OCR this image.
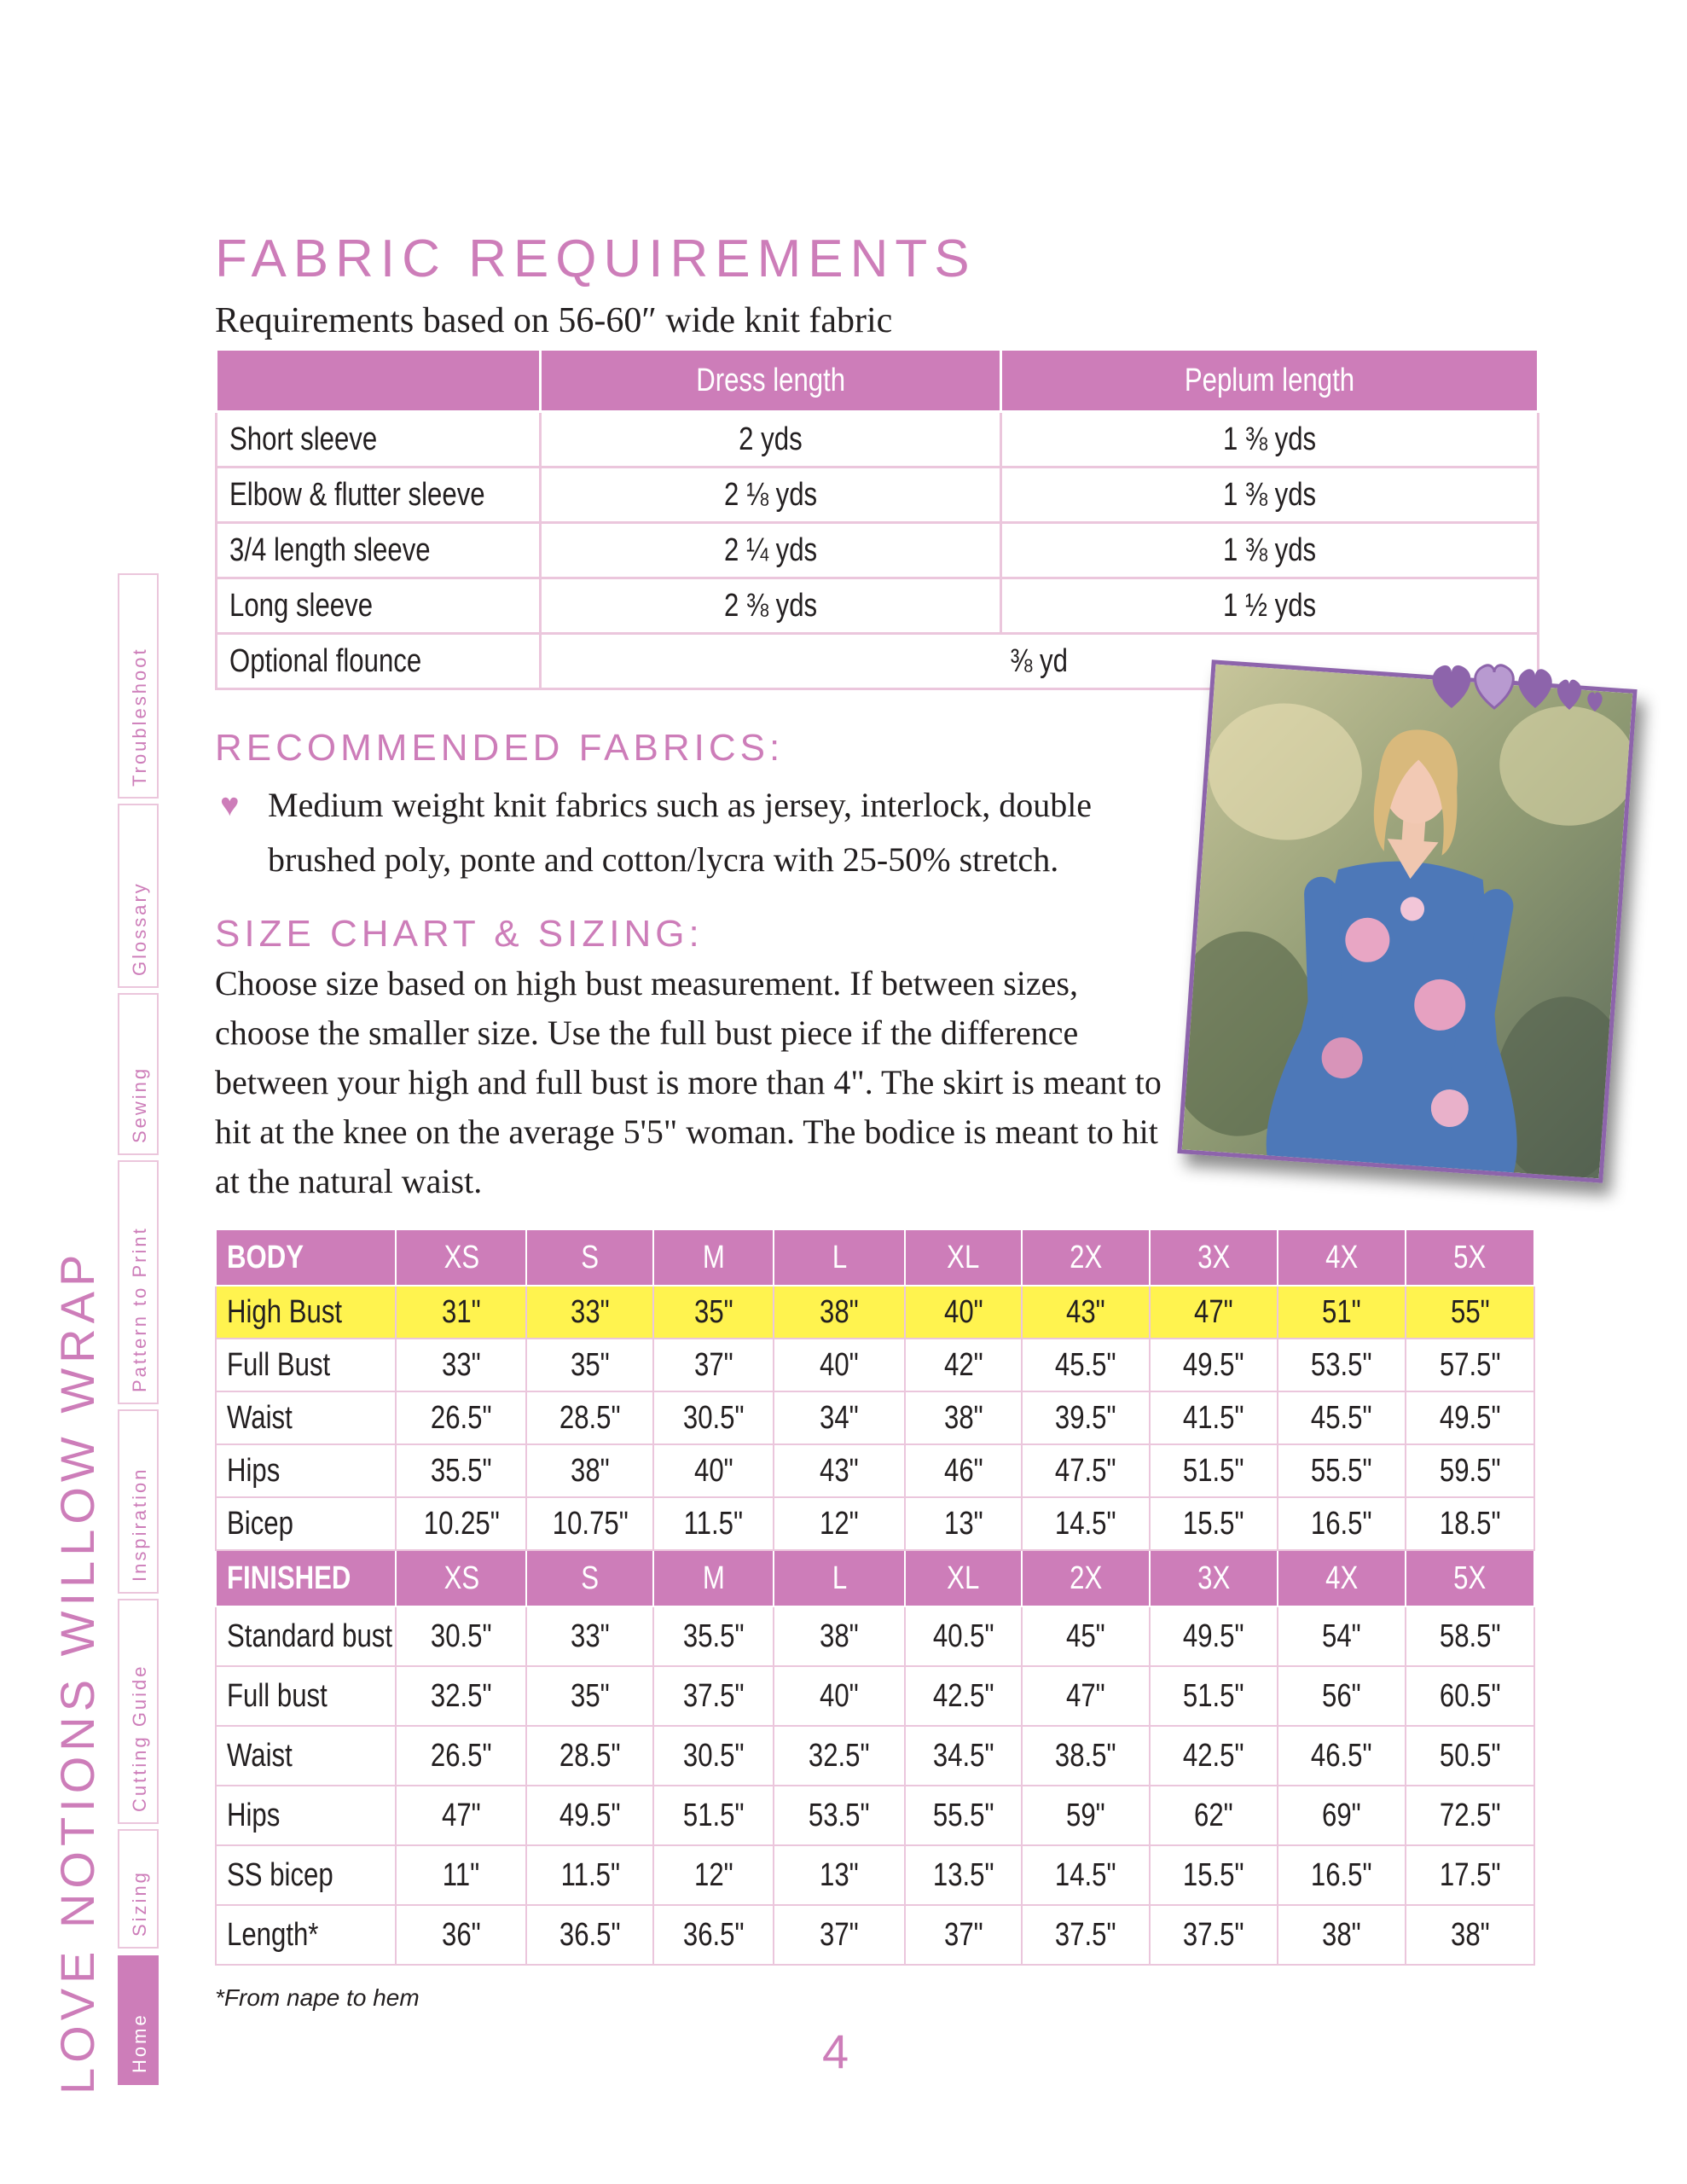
FABRIC REQUIREMENTS

Requirements based on 56-60″ wide knit fabric

	Dress length	Peplum length
Short sleeve	2 yds	1 ⅜ yds
Elbow & flutter sleeve	2 ⅛ yds	1 ⅜ yds
3/4 length sleeve	2 ¼ yds	1 ⅜ yds
Long sleeve	2 ⅜ yds	1 ½ yds
Optional flounce	⅜ yd	
RECOMMENDED FABRICS:
♥ Medium weight knit fabrics such as jersey, interlock, double brushed poly, ponte and cotton/lycra with 25-50% stretch.
SIZE CHART & SIZING:

Choose size based on high bust measurement. If between sizes, choose the smaller size. Use the full bust piece if the difference between your high and full bust is more than 4". The skirt is meant to hit at the knee on the average 5'5" woman. The bodice is meant to hit at the natural waist.

BODY	XS	S	M	L	XL	2X	3X	4X	5X
High Bust	31"	33"	35"	38"	40"	43"	47"	51"	55"
Full Bust	33"	35"	37"	40"	42"	45.5"	49.5"	53.5"	57.5"
Waist	26.5"	28.5"	30.5"	34"	38"	39.5"	41.5"	45.5"	49.5"
Hips	35.5"	38"	40"	43"	46"	47.5"	51.5"	55.5"	59.5"
Bicep	10.25"	10.75"	11.5"	12"	13"	14.5"	15.5"	16.5"	18.5"
FINISHED	XS	S	M	L	XL	2X	3X	4X	5X
Standard bust	30.5"	33"	35.5"	38"	40.5"	45"	49.5"	54"	58.5"
Full bust	32.5"	35"	37.5"	40"	42.5"	47"	51.5"	56"	60.5"
Waist	26.5"	28.5"	30.5"	32.5"	34.5"	38.5"	42.5"	46.5"	50.5"
Hips	47"	49.5"	51.5"	53.5"	55.5"	59"	62"	69"	72.5"
SS bicep	11"	11.5"	12"	13"	13.5"	14.5"	15.5"	16.5"	17.5"
Length*	36"	36.5"	36.5"	37"	37"	37.5"	37.5"	38"	38"
*From nape to hem
4
LOVE NOTIONS WILLOW WRAP	Home
Sizing
Cutting Guide
Inspiration
Pattern to Print
Sewing
Glossary
Troubleshoot
